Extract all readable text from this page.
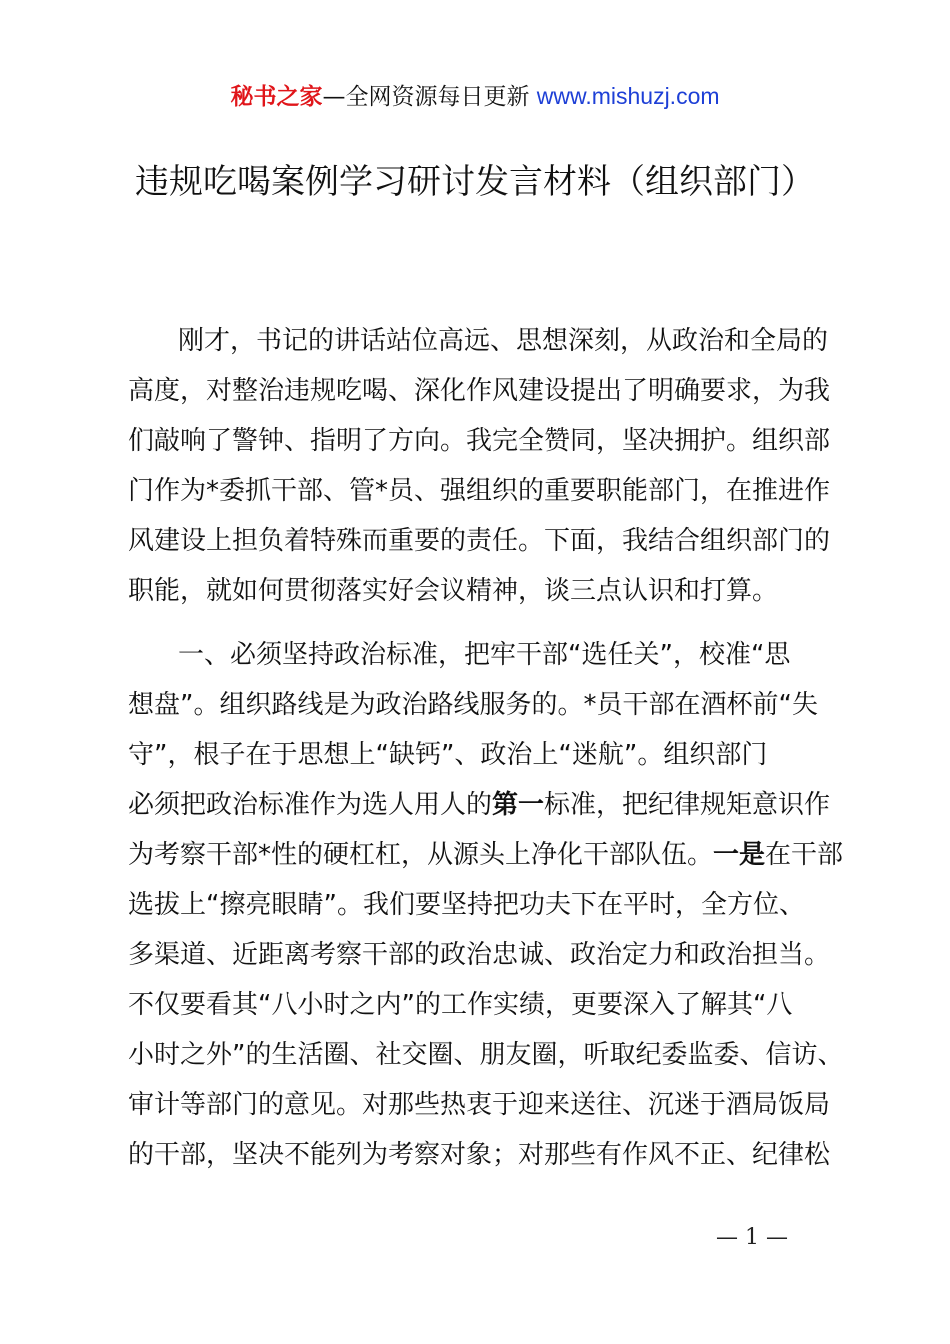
秘书之家—全网资源每日更新 www.mishuzj.com
违规吃喝案例学习研讨发言材料（组织部门）
刚才，书记的讲话站位高远、思想深刻，从政治和全局的
高度，对整治违规吃喝、深化作风建设提出了明确要求，为我
们敲响了警钟、指明了方向。我完全赞同，坚决拥护。组织部
门作为*委抓干部、管*员、强组织的重要职能部门，在推进作
风建设上担负着特殊而重要的责任。下面，我结合组织部门的
职能，就如何贯彻落实好会议精神，谈三点认识和打算。
一、必须坚持政治标准，把牢干部“选任关”，校准“思
想盘”。组织路线是为政治路线服务的。*员干部在酒杯前“失
守”，根子在于思想上“缺钙”、政治上“迷航”。组织部门
必须把政治标准作为选人用人的第一标准，把纪律规矩意识作
为考察干部*性的硬杠杠，从源头上净化干部队伍。一是在干部
选拔上“擦亮眼睛”。我们要坚持把功夫下在平时，全方位、
多渠道、近距离考察干部的政治忠诚、政治定力和政治担当。
不仅要看其“八小时之内”的工作实绩，更要深入了解其“八
小时之外”的生活圈、社交圈、朋友圈，听取纪委监委、信访、
审计等部门的意见。对那些热衷于迎来送往、沉迷于酒局饭局
的干部，坚决不能列为考察对象；对那些有作风不正、纪律松
— 1 —
